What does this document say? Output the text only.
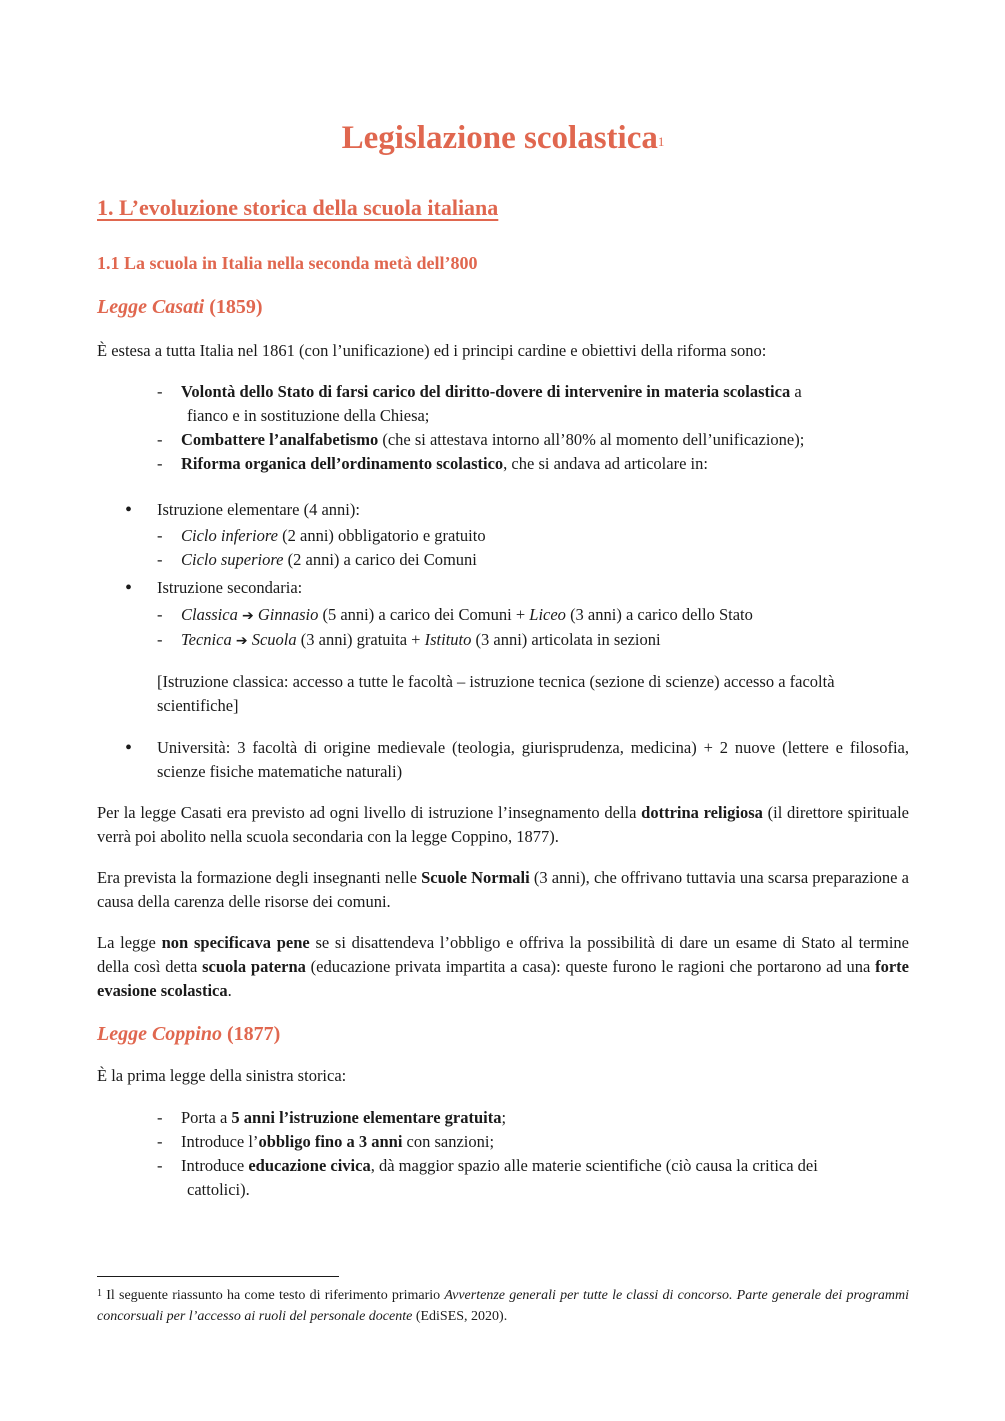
Legislazione scolastica$^1$
1. L’evoluzione storica della scuola italiana
1.1 La scuola in Italia nella seconda metà dell’800
Legge Casati (1859)

È estesa a tutta Italia nel 1861 (con l’unificazione) ed i principi cardine e obiettivi della riforma sono:

- Volontà dello Stato di farsi carico del diritto-dovere di intervenire in materia scolastica a
fianco e in sostituzione della Chiesa;
- Combattere l’analfabetismo (che si attestava intorno all’80% al momento dell’unificazione);
- Riforma organica dell’ordinamento scolastico, che si andava ad articolare in:

• Istruzione elementare (4 anni):

- Ciclo inferiore (2 anni) obbligatorio e gratuito
- Ciclo superiore (2 anni) a carico dei Comuni

• Istruzione secondaria:

- Classica ➔ Ginnasio (5 anni) a carico dei Comuni + Liceo (3 anni) a carico dello Stato
- Tecnica ➔ Scuola (3 anni) gratuita + Istituto (3 anni) articolata in sezioni

[Istruzione classica: accesso a tutte le facoltà – istruzione tecnica (sezione di scienze) accesso a facoltà scientifiche]

• Università: 3 facoltà di origine medievale (teologia, giurisprudenza, medicina) + 2 nuove (lettere e filosofia, scienze fisiche matematiche naturali)

Per la legge Casati era previsto ad ogni livello di istruzione l’insegnamento della dottrina religiosa (il direttore spirituale verrà poi abolito nella scuola secondaria con la legge Coppino, 1877).

Era prevista la formazione degli insegnanti nelle Scuole Normali (3 anni), che offrivano tuttavia una scarsa preparazione a causa della carenza delle risorse dei comuni.

La legge non specificava pene se si disattendeva l’obbligo e offriva la possibilità di dare un esame di Stato al termine della così detta scuola paterna (educazione privata impartita a casa): queste furono le ragioni che portarono ad una forte evasione scolastica.

Legge Coppino (1877)

È la prima legge della sinistra storica:

- Porta a 5 anni l’istruzione elementare gratuita;
- Introduce l’obbligo fino a 3 anni con sanzioni;
- Introduce educazione civica, dà maggior spazio alle materie scientifiche (ciò causa la critica dei
cattolici).

$^1$ Il seguente riassunto ha come testo di riferimento primario Avvertenze generali per tutte le classi di concorso. Parte generale dei programmi concorsuali per l’accesso ai ruoli del personale docente (EdiSES, 2020).
